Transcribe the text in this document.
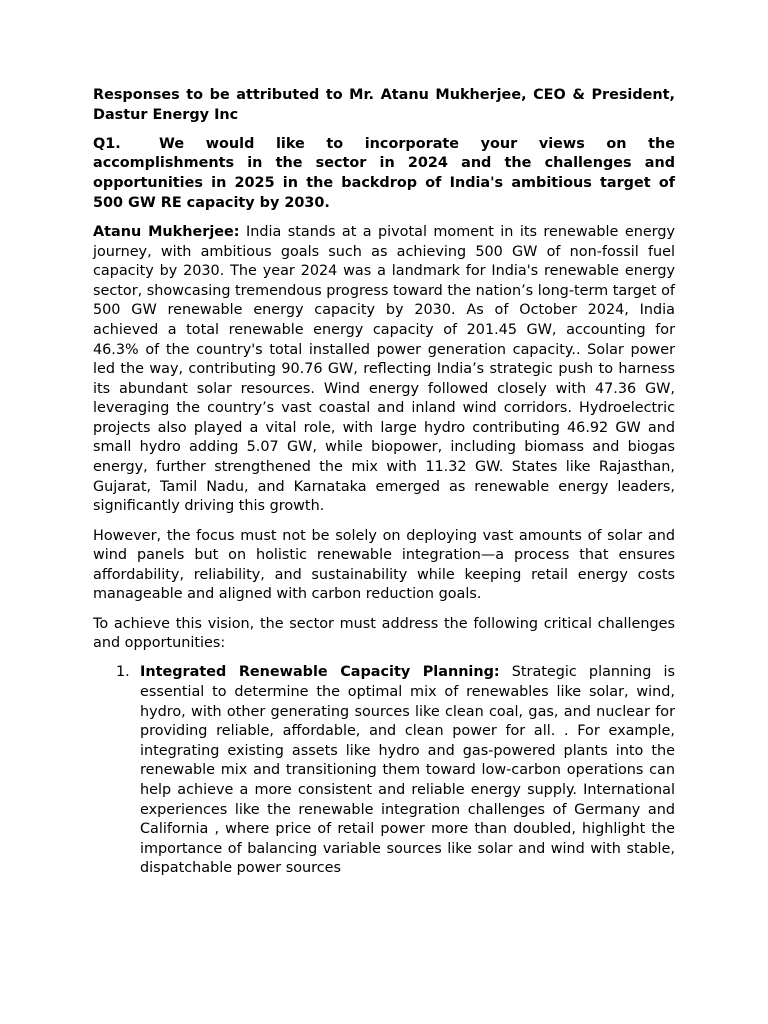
Responses to be attributed to Mr. Atanu Mukherjee, CEO & President, Dastur Energy Inc

Q1.	We would like to incorporate your views on the accomplishments in the sector in 2024 and the challenges and opportunities in 2025 in the backdrop of India's ambitious target of 500 GW RE capacity by 2030.

Atanu Mukherjee: India stands at a pivotal moment in its renewable energy journey, with ambitious goals such as achieving 500 GW of non-fossil fuel capacity by 2030. The year 2024 was a landmark for India's renewable energy sector, showcasing tremendous progress toward the nation’s long-term target of 500 GW renewable energy capacity by 2030. As of October 2024, India achieved a total renewable energy capacity of 201.45 GW, accounting for 46.3% of the country's total installed power generation capacity.. Solar power led the way, contributing 90.76 GW, reflecting India’s strategic push to harness its abundant solar resources. Wind energy followed closely with 47.36 GW, leveraging the country’s vast coastal and inland wind corridors. Hydroelectric projects also played a vital role, with large hydro contributing 46.92 GW and small hydro adding 5.07 GW, while biopower, including biomass and biogas energy, further strengthened the mix with 11.32 GW. States like Rajasthan, Gujarat, Tamil Nadu, and Karnataka emerged as renewable energy leaders, significantly driving this growth.

However, the focus must not be solely on deploying vast amounts of solar and wind panels but on holistic renewable integration—a process that ensures affordability, reliability, and sustainability while keeping retail energy costs manageable and aligned with carbon reduction goals.

To achieve this vision, the sector must address the following critical challenges and opportunities:

1. Integrated Renewable Capacity Planning: Strategic planning is essential to determine the optimal mix of renewables like solar, wind, hydro, with other generating sources like clean coal, gas, and nuclear for providing reliable, affordable, and clean power for all. . For example, integrating existing assets like hydro and gas-powered plants into the renewable mix and transitioning them toward low-carbon operations can help achieve a more consistent and reliable energy supply. International experiences like the renewable integration challenges of Germany and California , where price of retail power more than doubled, highlight the importance of balancing variable sources like solar and wind with stable, dispatchable power sources
